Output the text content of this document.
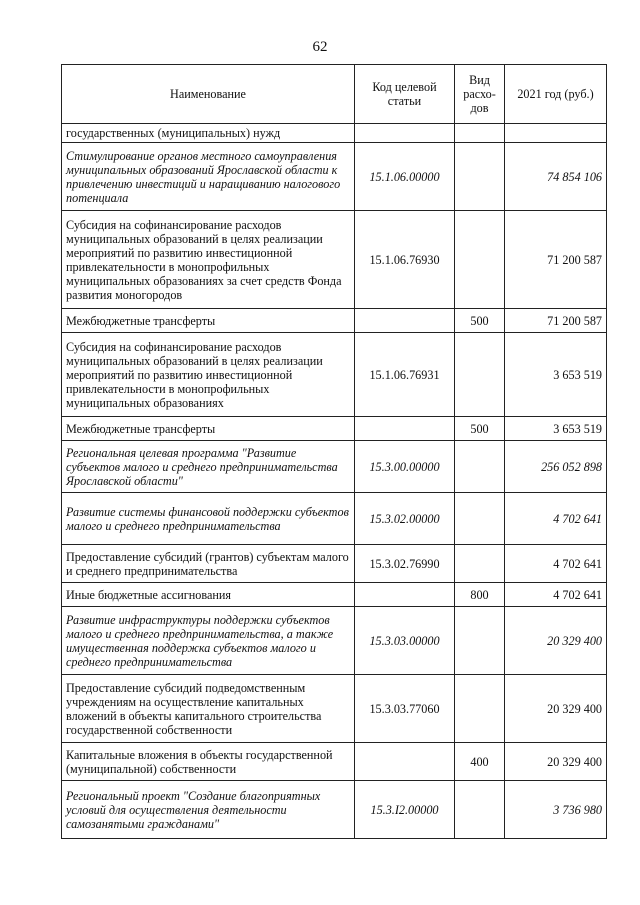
62
Наименование	Код целевой статьи	Вид расхо-дов	2021 год (руб.)
государственных (муниципальных) нужд			
Стимулирование органов местного самоуправления муниципальных образований Ярославской области к привлечению инвестиций и наращиванию налогового потенциала	15.1.06.00000		74 854 106
Субсидия на софинансирование расходов муниципальных образований в целях реализации мероприятий по развитию инвестиционной привлекательности в монопрофильных муниципальных образованиях за счет средств Фонда развития моногородов	15.1.06.76930		71 200 587
Межбюджетные трансферты		500	71 200 587
Субсидия на софинансирование расходов муниципальных образований в целях реализации мероприятий по развитию инвестиционной привлекательности в монопрофильных муниципальных образованиях	15.1.06.76931		3 653 519
Межбюджетные трансферты		500	3 653 519
Региональная целевая программа "Развитие субъектов малого и среднего предпринимательства Ярославской области"	15.3.00.00000		256 052 898
Развитие системы финансовой поддержки субъектов малого и среднего предпринимательства	15.3.02.00000		4 702 641
Предоставление субсидий (грантов) субъектам малого и среднего предпринимательства	15.3.02.76990		4 702 641
Иные бюджетные ассигнования		800	4 702 641
Развитие инфраструктуры поддержки субъектов малого и среднего предпринимательства, а также имущественная поддержка субъектов малого и среднего предпринимательства	15.3.03.00000		20 329 400
Предоставление субсидий подведомственным учреждениям на осуществление капитальных вложений в объекты капитального строительства государственной собственности	15.3.03.77060		20 329 400
Капитальные вложения в объекты государственной (муниципальной) собственности		400	20 329 400
Региональный проект "Создание благоприятных условий для осуществления деятельности самозанятыми гражданами"	15.3.I2.00000		3 736 980
